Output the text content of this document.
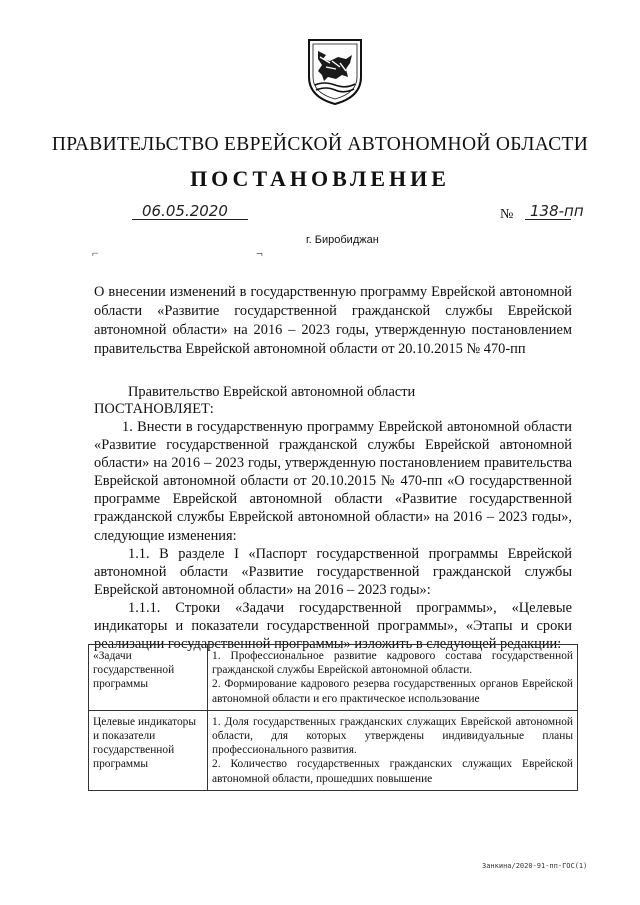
ПРАВИТЕЛЬСТВО ЕВРЕЙСКОЙ АВТОНОМНОЙ ОБЛАСТИ
ПОСТАНОВЛЕНИЕ
06.05.2020	№ 138-пп
г. Биробиджан
⌐	¬
О внесении изменений в государственную программу Еврейской автономной области «Развитие государственной гражданской службы Еврейской автономной области» на 2016 – 2023 годы, утвержденную постановлением правительства Еврейской автономной области от 20.10.2015 № 470-пп
Правительство Еврейской автономной области
ПОСТАНОВЛЯЕТ:

1. Внести в государственную программу Еврейской автономной области «Развитие государственной гражданской службы Еврейской автономной области» на 2016 – 2023 годы, утвержденную постановлением правительства Еврейской автономной области от 20.10.2015 № 470-пп «О государственной программе Еврейской автономной области «Развитие государственной гражданской службы Еврейской автономной области» на 2016 – 2023 годы», следующие изменения:

1.1. В разделе I «Паспорт государственной программы Еврейской автономной области «Развитие государственной гражданской службы Еврейской автономной области» на 2016 – 2023 годы»:

1.1.1. Строки «Задачи государственной программы», «Целевые индикаторы и показатели государственной программы», «Этапы и сроки реализации государственной программы» изложить в следующей редакции:

«Задачи государственной программы	1. Профессиональное развитие кадрового состава государственной гражданской службы Еврейской автономной области.

2. Формирование кадрового резерва государственных органов Еврейской автономной области и его практическое использование

Целевые индикаторы и показатели государственной программы	1. Доля государственных гражданских служащих Еврейской автономной области, для которых утверждены индивидуальные планы профессионального развития.

2. Количество государственных гражданских служащих Еврейской автономной области, прошедших повышение

Занкина/2020-91-пп-ГОС(1)
